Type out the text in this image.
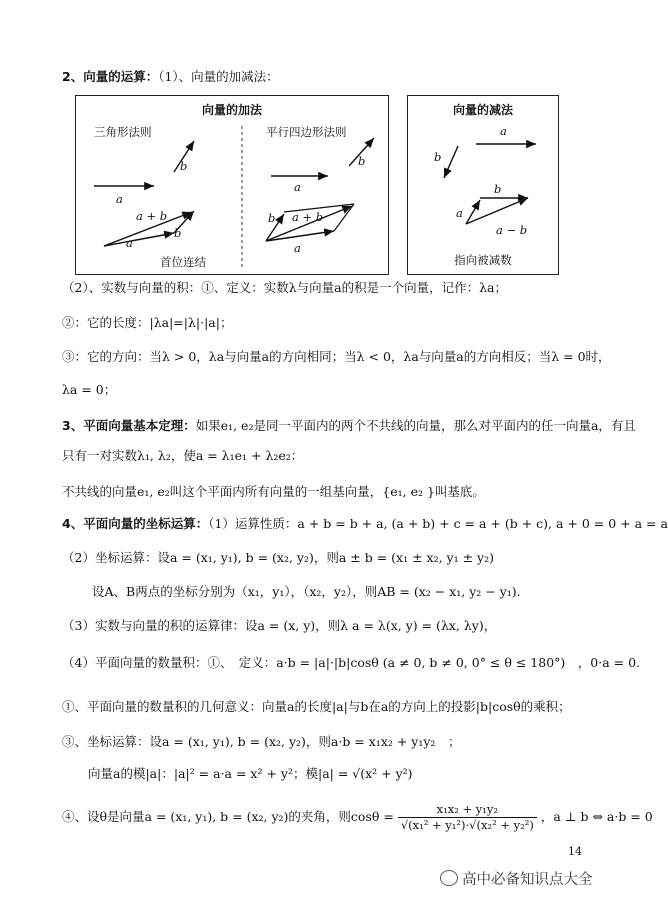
2、向量的运算：（1）、向量的加减法：
向量的加法
三角形法则	平行四边形法则
a
b
a + b
b
a
a
b
b a + b
a
首位连结
向量的减法
a
b
b
a
a − b
指向被减数
（2）、实数与向量的积：①、定义：实数λ与向量a的积是一个向量，记作：λa；
②：它的长度：|λa|=|λ|·|a|；
③：它的方向：当λ > 0，λa与向量a的方向相同；当λ < 0，λa与向量a的方向相反；当λ = 0时，
λa = 0；
3、平面向量基本定理：如果e₁, e₂是同一平面内的两个不共线的向量，那么对平面内的任一向量a，有且
只有一对实数λ₁, λ₂，使a = λ₁e₁ + λ₂e₂：
不共线的向量e₁, e₂叫这个平面内所有向量的一组基向量，{e₁, e₂ }叫基底。
4、平面向量的坐标运算：（1）运算性质：a + b = b + a, (a + b) + c = a + (b + c), a + 0 = 0 + a = a
（2）坐标运算：设a = (x₁, y₁), b = (x₂, y₂)，则a ± b = (x₁ ± x₂, y₁ ± y₂)
设A、B两点的坐标分别为（x₁，y₁），（x₂，y₂），则AB = (x₂ − x₁, y₂ − y₁).
（3）实数与向量的积的运算律：设a = (x, y)，则λ a = λ(x, y) = (λx, λy)，
（4）平面向量的数量积：①、　定义：a·b = |a|·|b|cosθ (a ≠ 0, b ≠ 0, 0° ≤ θ ≤ 180°)　，0·a = 0.
①、平面向量的数量积的几何意义：向量a的长度|a|与b在a的方向上的投影|b|cosθ的乘积；
③、坐标运算：设a = (x₁, y₁), b = (x₂, y₂)，则a·b = x₁x₂ + y₁y₂　；
向量a的模|a|：|a|² = a·a = x² + y²；模|a| = √(x² + y²)
④、设θ是向量a = (x₁, y₁), b = (x₂, y₂)的夹角，则$\cos\theta = \frac{\text{x₁x₂ + y₁y₂}}{\text{√(x₁² + y₁²)·√(x₂² + y₂²)}}$ ，a ⊥ b ⇔ a·b = 0
14
高中必备知识点大全
